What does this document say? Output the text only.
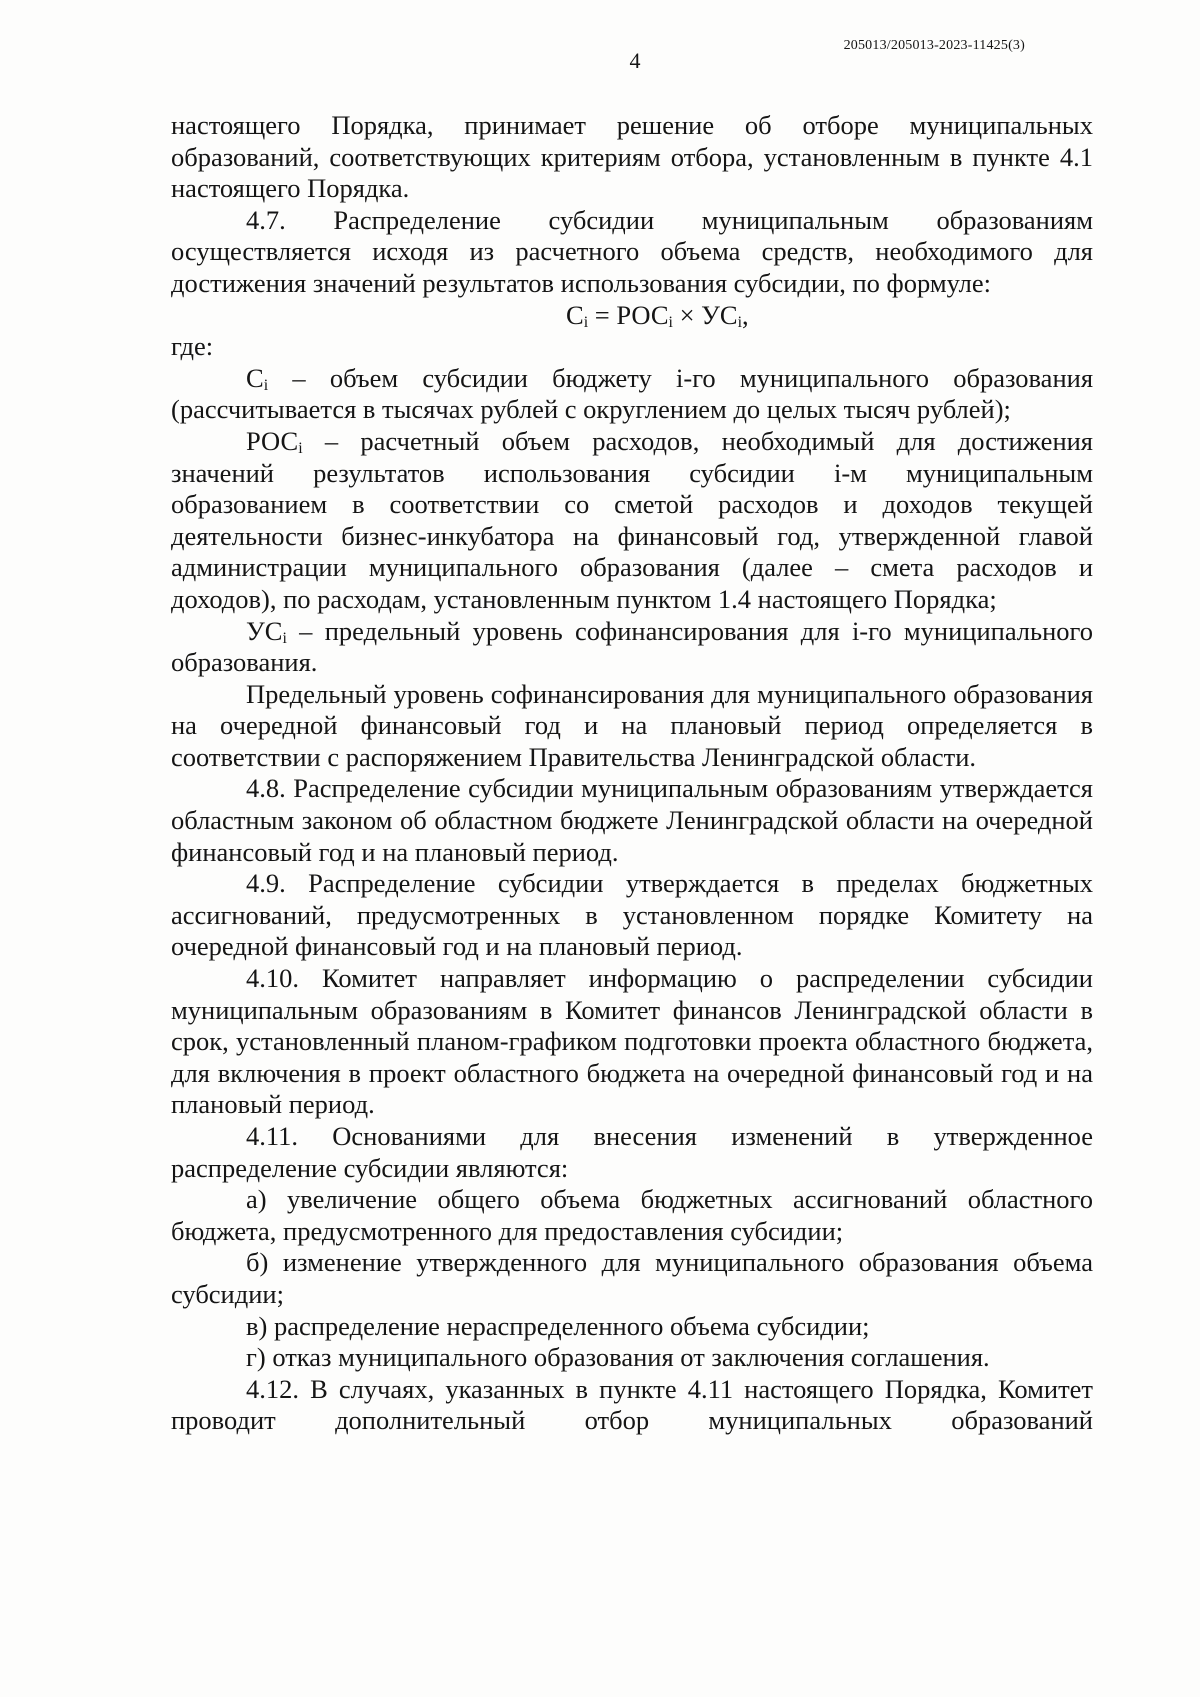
4
205013/205013-2023-11425(3)

настоящего Порядка, принимает решение об отборе муниципальных образований, соответствующих критериям отбора, установленным в пункте 4.1 настоящего Порядка.

4.7. Распределение субсидии муниципальным образованиям осуществляется исходя из расчетного объема средств, необходимого для достижения значений результатов использования субсидии, по формуле:

$C_i = РОС_i \times УС_i$,

где:

$C_i$ – объем субсидии бюджету i-го муниципального образования (рассчитывается в тысячах рублей с округлением до целых тысяч рублей);

$РОС_i$ – расчетный объем расходов, необходимый для достижения значений результатов использования субсидии i-м муниципальным образованием в соответствии со сметой расходов и доходов текущей деятельности бизнес-инкубатора на финансовый год, утвержденной главой администрации муниципального образования (далее – смета расходов и доходов), по расходам, установленным пунктом 1.4 настоящего Порядка;

$УС_i$ – предельный уровень софинансирования для i-го муниципального образования.

Предельный уровень софинансирования для муниципального образования на очередной финансовый год и на плановый период определяется в соответствии с распоряжением Правительства Ленинградской области.

4.8. Распределение субсидии муниципальным образованиям утверждается областным законом об областном бюджете Ленинградской области на очередной финансовый год и на плановый период.

4.9. Распределение субсидии утверждается в пределах бюджетных ассигнований, предусмотренных в установленном порядке Комитету на очередной финансовый год и на плановый период.

4.10. Комитет направляет информацию о распределении субсидии муниципальным образованиям в Комитет финансов Ленинградской области в срок, установленный планом-графиком подготовки проекта областного бюджета, для включения в проект областного бюджета на очередной финансовый год и на плановый период.

4.11. Основаниями для внесения изменений в утвержденное распределение субсидии являются:

а) увеличение общего объема бюджетных ассигнований областного бюджета, предусмотренного для предоставления субсидии;

б) изменение утвержденного для муниципального образования объема субсидии;

в) распределение нераспределенного объема субсидии;

г) отказ муниципального образования от заключения соглашения.

4.12. В случаях, указанных в пункте 4.11 настоящего Порядка, Комитет проводит дополнительный отбор муниципальных образований
